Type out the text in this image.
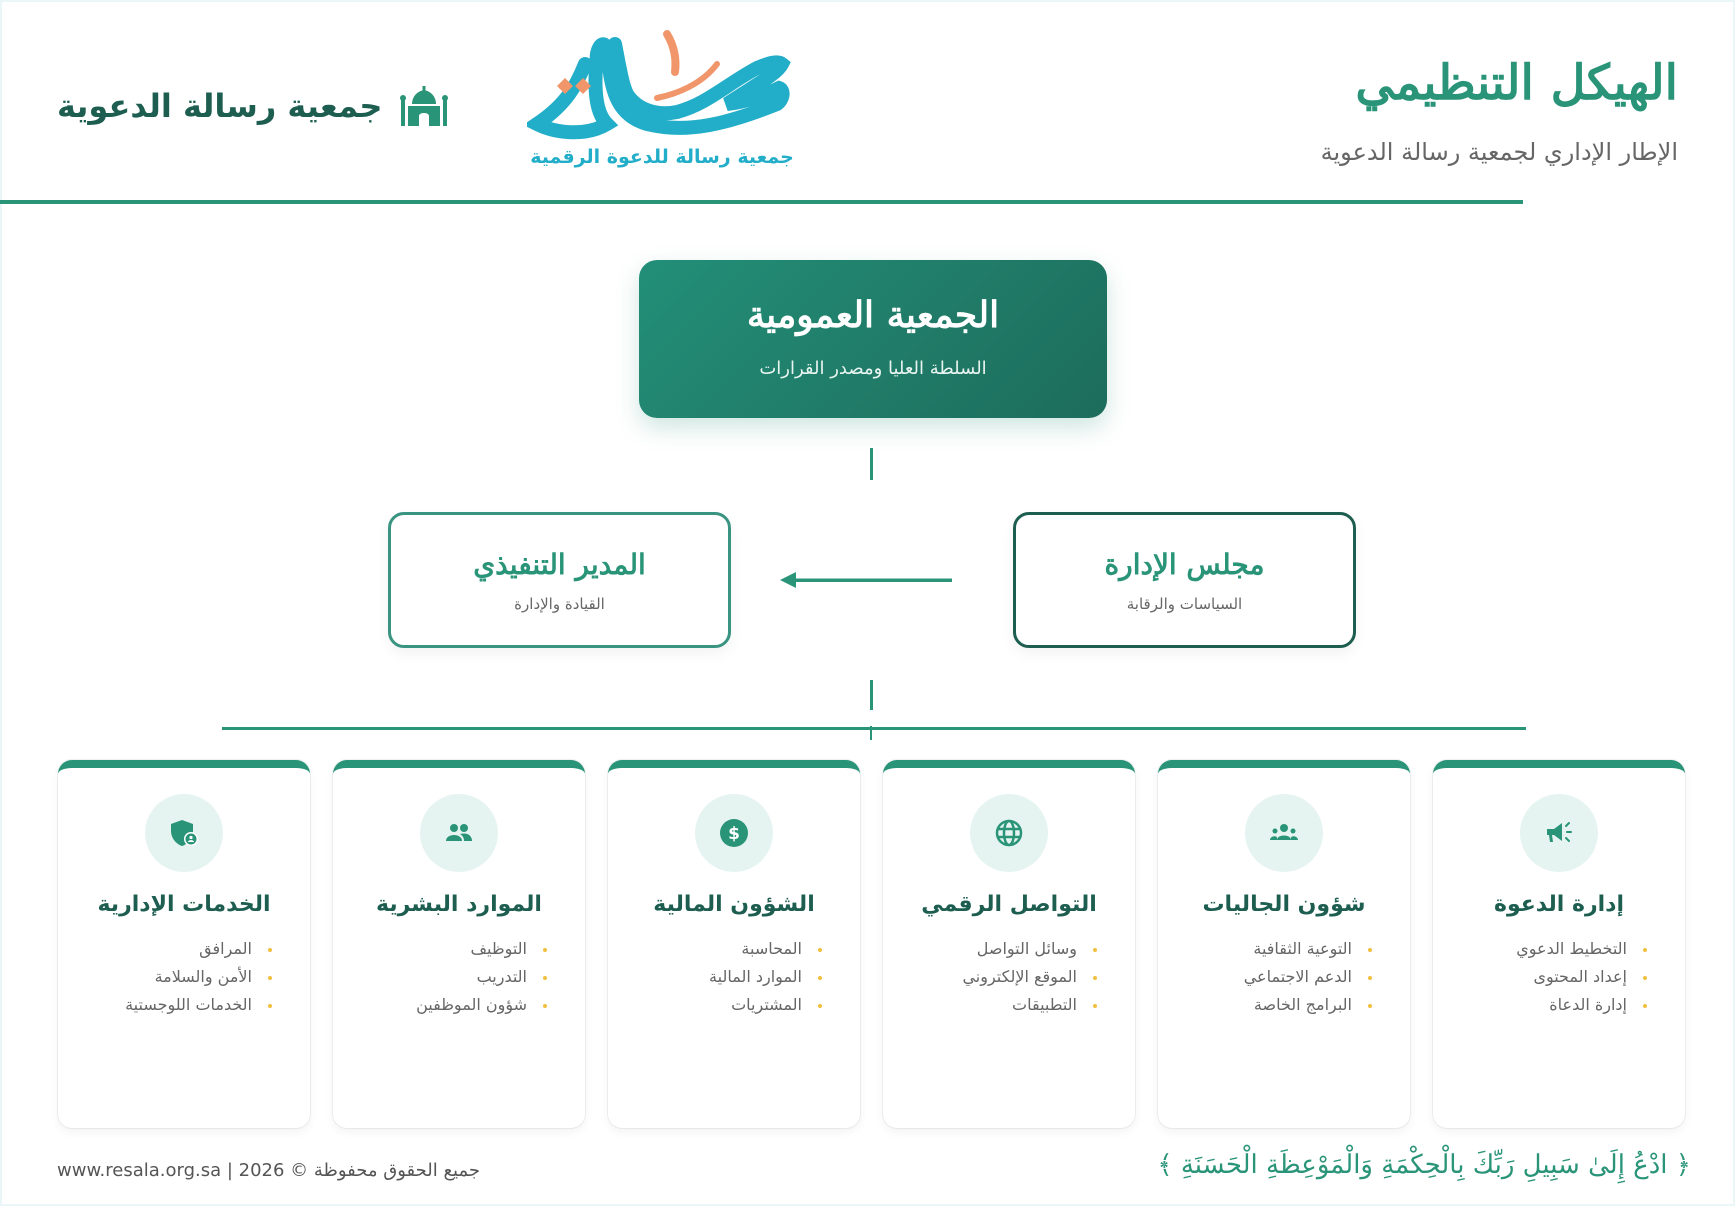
الهيكل التنظيمي
الإطار الإداري لجمعية رسالة الدعوية
جمعية رسالة للدعوة الرقمية
جمعية رسالة الدعوية
الجمعية العمومية
السلطة العليا ومصدر القرارات
مجلس الإدارة
السياسات والرقابة
المدير التنفيذي
القيادة والإدارة
إدارة الدعوة
التخطيط الدعوي
إعداد المحتوى
إدارة الدعاة
شؤون الجاليات
التوعية الثقافية
الدعم الاجتماعي
البرامج الخاصة
التواصل الرقمي
وسائل التواصل
الموقع الإلكتروني
التطبيقات
$
الشؤون المالية
المحاسبة
الموارد المالية
المشتريات
الموارد البشرية
التوظيف
التدريب
شؤون الموظفين
الخدمات الإدارية
المرافق
الأمن والسلامة
الخدمات اللوجستية
www.resala.org.sa | 2026 © جميع الحقوق محفوظة	﴿ ادْعُ إِلَىٰ سَبِيلِ رَبِّكَ بِالْحِكْمَةِ وَالْمَوْعِظَةِ الْحَسَنَةِ ﴾
